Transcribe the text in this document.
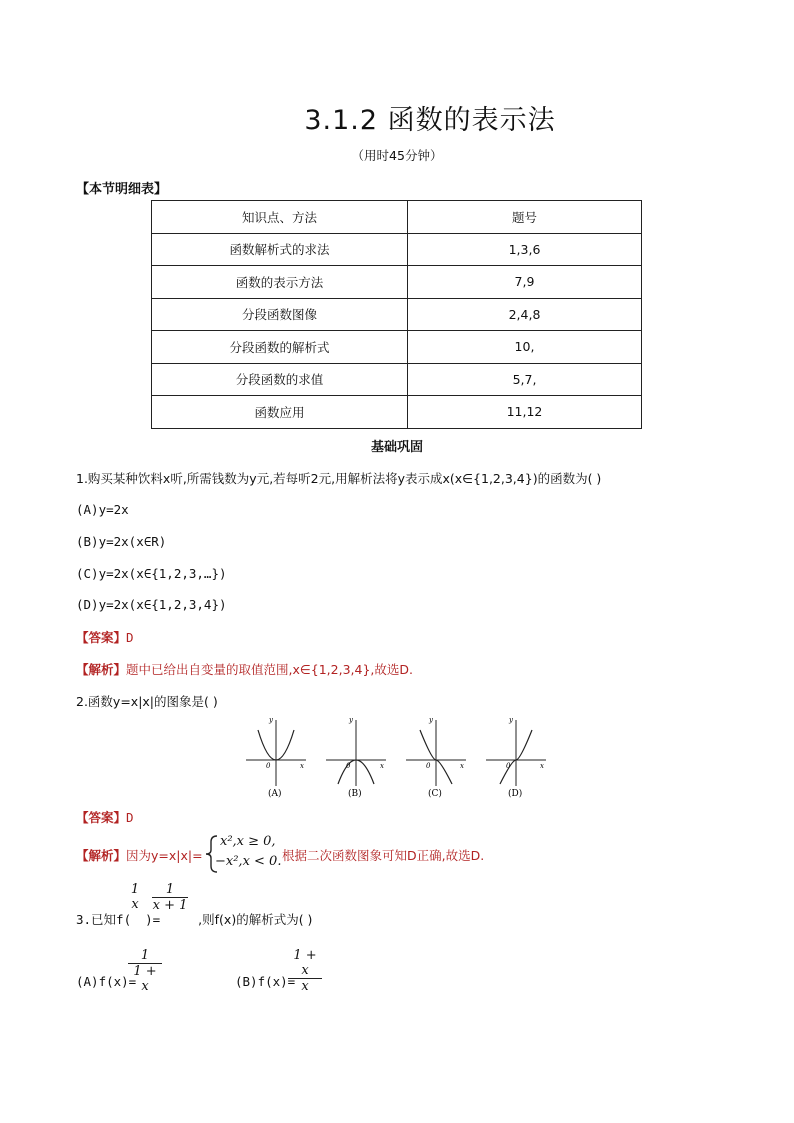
3.1.2 函数的表示法
（用时45分钟）
【本节明细表】
知识点、方法	题号
函数解析式的求法	1,3,6
函数的表示方法	7,9
分段函数图像	2,4,8
分段函数的解析式	10,
分段函数的求值	5,7,
函数应用	11,12
基础巩固
1.购买某种饮料x听,所需钱数为y元,若每听2元,用解析法将y表示成x(x∈{1,2,3,4})的函数为( )
(A)y=2x
(B)y=2x(x∈R)
(C)y=2x(x∈{1,2,3,…})
(D)y=2x(x∈{1,2,3,4})
【答案】D
【解析】题中已给出自变量的取值范围,x∈{1,2,3,4},故选D.
2.函数y=x|x|的图象是( )
y
x
0
(A)
y
x
0
(B)
y
x
0
(C)
y
x
0
(D)
【答案】D
【解析】因为y=x|x|=
x²,x ≥ 0,
−x²,x < 0. 根据二次函数图象可知D正确,故选D.
1
x $\frac{1}{x + 1}$
3.已知f( )=	,则f(x)的解析式为( )
(A)f(x)=
$\frac{1}{1 + x}$	(B)f(x)=
$\frac{1 + x}{x}$
